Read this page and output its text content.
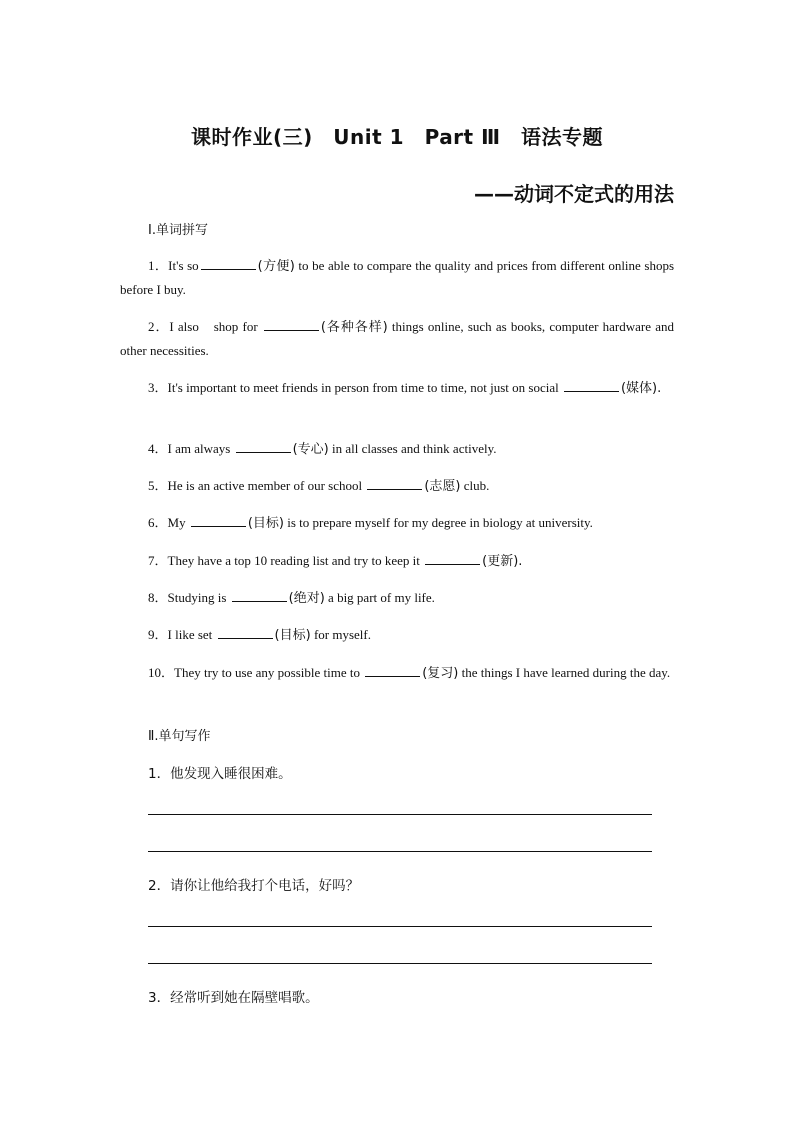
课时作业(三)　Unit 1　Part Ⅲ　语法专题
——动词不定式的用法
Ⅰ.单词拼写
1．It's so	(方便) to be able to compare the quality and prices from different online shops before I buy.
2．I also　shop for	(各种各样) things online, such as books, computer hardware and other necessities.
3．It's important to meet friends in person from time to time, not just on social	(媒体).
4．I am always	(专心) in all classes and think actively.
5．He is an active member of our school	(志愿) club.
6．My	(目标) is to prepare myself for my degree in biology at university.
7．They have a top 10 reading list and try to keep it	(更新).
8．Studying is	(绝对) a big part of my life.
9．I like set	(目标) for myself.
10．They try to use any possible time to	(复习) the things I have learned during the day.
Ⅱ.单句写作
1．他发现入睡很困难。
2．请你让他给我打个电话，好吗？
3．经常听到她在隔壁唱歌。
